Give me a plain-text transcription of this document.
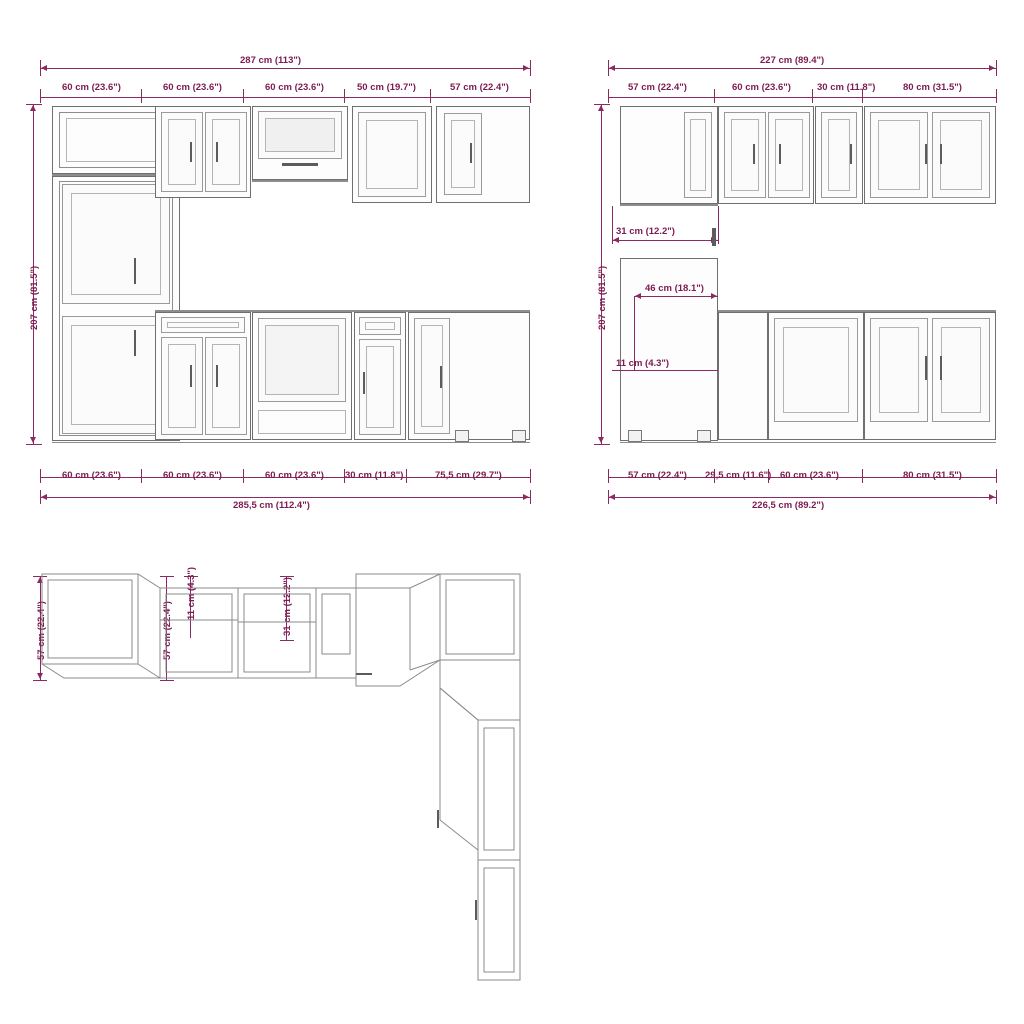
287 cm (113")
60 cm (23.6")	60 cm (23.6")	60 cm (23.6")	50 cm (19.7")	57 cm (22.4")
207 cm (81.5")
60 cm (23.6")	60 cm (23.6")	60 cm (23.6") 30 cm (11.8")	75,5 cm (29.7")
285,5 cm (112.4")
227 cm (89.4")
57 cm (22.4")	60 cm (23.6")	30 cm (11.8")	80 cm (31.5")
207 cm (81.5")
31 cm (12.2")
46 cm (18.1")
11 cm (4.3")
57 cm (22.4") 29,5 cm (11.6") 60 cm (23.6")	80 cm (31.5")
226,5 cm (89.2")
57 cm (22.4")	57 cm (22.4")
11 cm (4.3")	31 cm (12.2")
